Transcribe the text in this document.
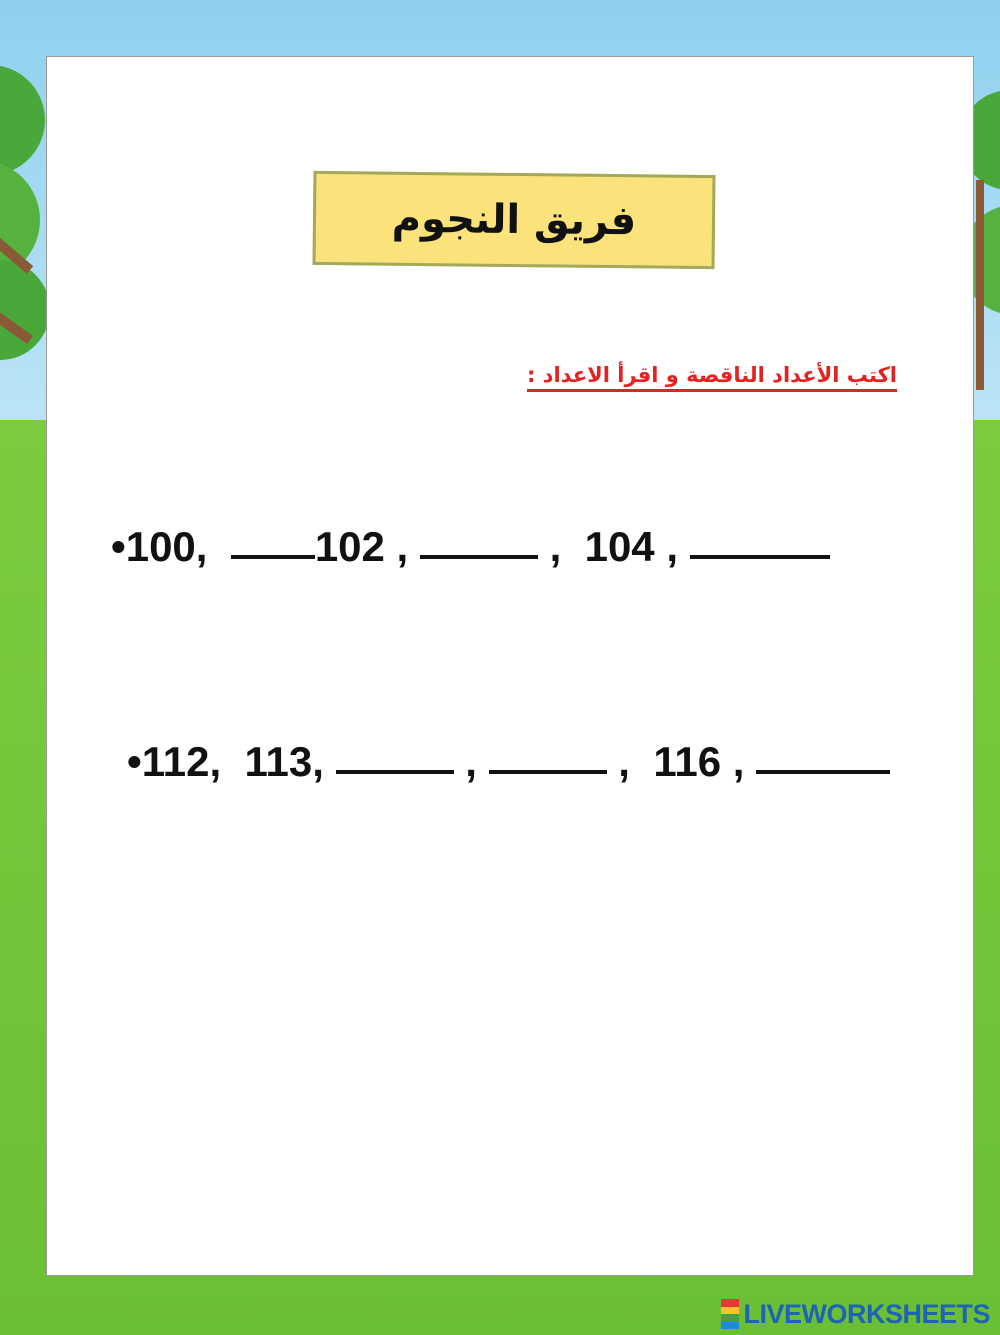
فريق النجوم
اكتب الأعداد الناقصة و اقرأ الاعداد :
•100,	102 ,	, 104 ,
•112, 113,	,	, 116 ,
LIVEWORKSHEETS
